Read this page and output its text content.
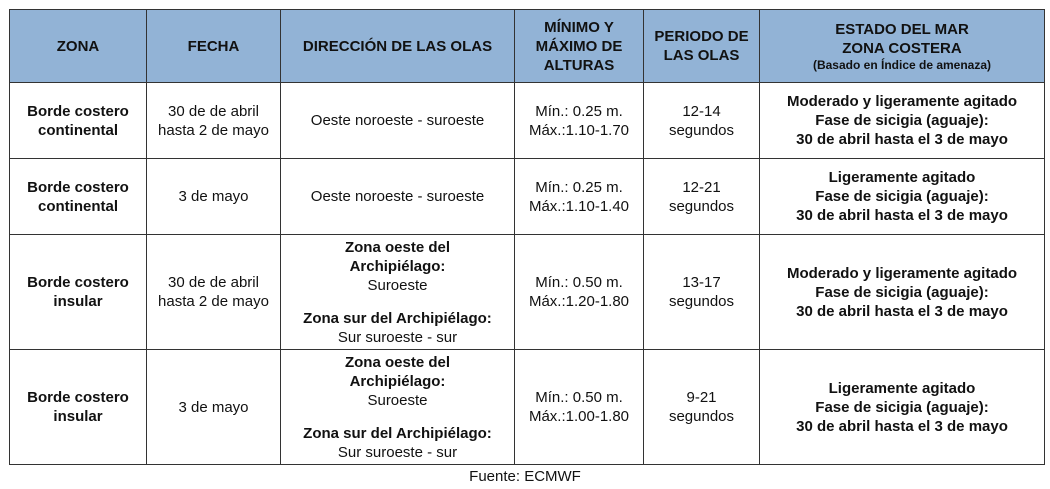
ZONA	FECHA	DIRECCIÓN DE LAS OLAS	MÍNIMO Y
MÁXIMO DE
ALTURAS	PERIODO DE
LAS OLAS	ESTADO DEL MAR
ZONA COSTERA
(Basado en Índice de amenaza)

Borde costero
continental	30 de de abril
hasta 2 de mayo	Oeste noroeste - suroeste	Mín.: 0.25 m.
Máx.:1.10-1.70	12-14
segundos	Moderado y ligeramente agitado
Fase de sicigia (aguaje):
30 de abril hasta el 3 de mayo

Borde costero
continental	3 de mayo	Oeste noroeste - suroeste	Mín.: 0.25 m.
Máx.:1.10-1.40	12-21
segundos	Ligeramente agitado
Fase de sicigia (aguaje):
30 de abril hasta el 3 de mayo

Borde costero
insular	30 de de abril
hasta 2 de mayo	Zona oeste del
Archipiélago:
Suroeste
Zona sur del Archipiélago:
Sur suroeste - sur	Mín.: 0.50 m.
Máx.:1.20-1.80	13-17
segundos	Moderado y ligeramente agitado
Fase de sicigia (aguaje):
30 de abril hasta el 3 de mayo

Borde costero
insular	3 de mayo	Zona oeste del
Archipiélago:
Suroeste
Zona sur del Archipiélago:
Sur suroeste - sur	Mín.: 0.50 m.
Máx.:1.00-1.80	9-21
segundos	Ligeramente agitado
Fase de sicigia (aguaje):
30 de abril hasta el 3 de mayo
Fuente: ECMWF
